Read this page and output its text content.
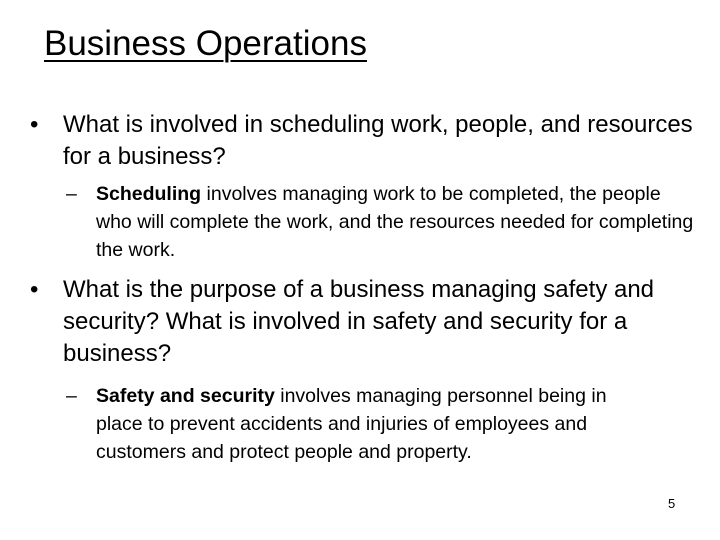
Business Operations
• What is involved in scheduling work, people, and resources for a business?
– Scheduling involves managing work to be completed, the people who will complete the work, and the resources needed for completing the work.
• What is the purpose of a business managing safety and security? What is involved in safety and security for a business?
– Safety and security involves managing personnel being in place to prevent accidents and injuries of employees and customers and protect people and property.
5
